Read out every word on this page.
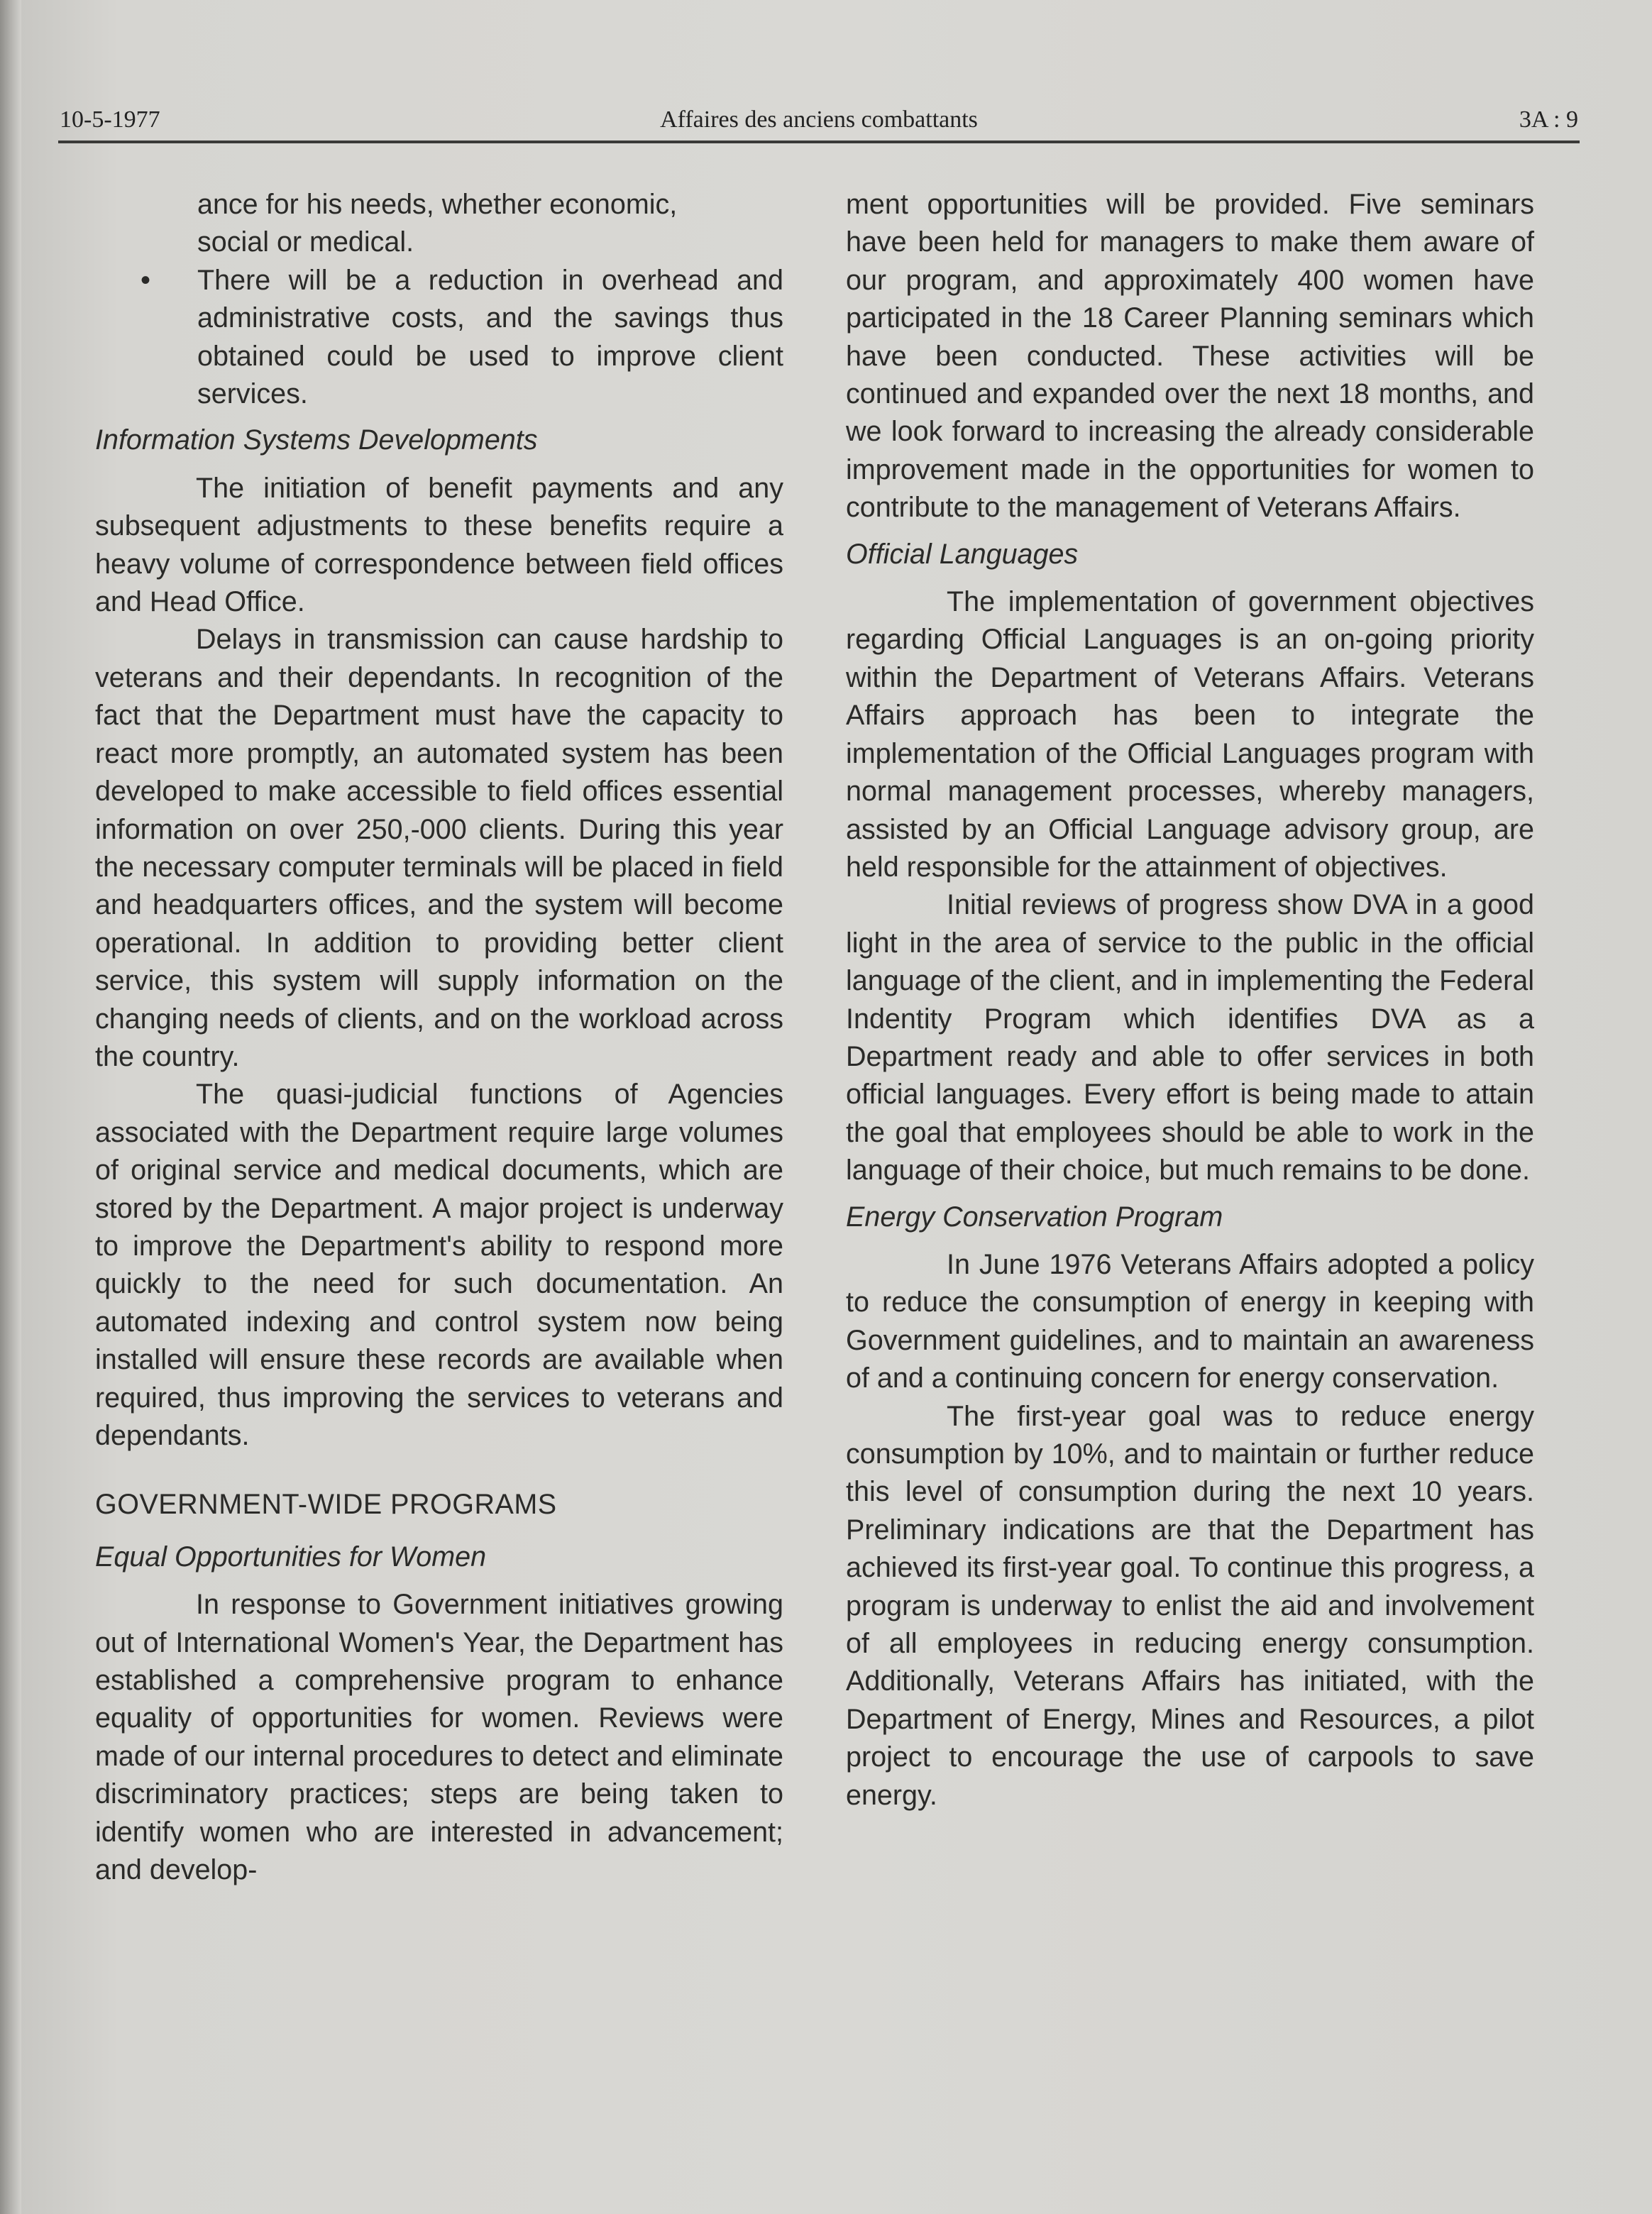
10-5-1977	Affaires des anciens combattants	3A : 9

ance for his needs, whether economic,

social or medical.

• There will be a reduction in overhead and administrative costs, and the savings thus obtained could be used to improve client services.

Information Systems Developments

The initiation of benefit payments and any subsequent adjustments to these benefits require a heavy volume of correspondence between field offices and Head Office.

Delays in transmission can cause hardship to veterans and their dependants. In recognition of the fact that the Department must have the capacity to react more promptly, an automated system has been developed to make accessible to field offices essential information on over 250,-000 clients. During this year the necessary computer terminals will be placed in field and headquarters offices, and the system will become operational. In addition to providing better client service, this system will supply information on the changing needs of clients, and on the workload across the country.

The quasi-judicial functions of Agencies associated with the Department require large volumes of original service and medical documents, which are stored by the Department. A major project is underway to improve the Department's ability to respond more quickly to the need for such documentation. An automated indexing and control system now being installed will ensure these records are available when required, thus improving the services to veterans and dependants.

GOVERNMENT-WIDE PROGRAMS

Equal Opportunities for Women

In response to Government initiatives growing out of International Women's Year, the Department has established a comprehensive program to enhance equality of opportunities for women. Reviews were made of our internal procedures to detect and eliminate discriminatory practices; steps are being taken to identify women who are interested in advancement; and develop-

ment opportunities will be provided. Five seminars have been held for managers to make them aware of our program, and approximately 400 women have participated in the 18 Career Planning seminars which have been conducted. These activities will be continued and expanded over the next 18 months, and we look forward to increasing the already considerable improvement made in the opportunities for women to contribute to the management of Veterans Affairs.

Official Languages

The implementation of government objectives regarding Official Languages is an on-going priority within the Department of Veterans Affairs. Veterans Affairs approach has been to integrate the implementation of the Official Languages program with normal management processes, whereby managers, assisted by an Official Language advisory group, are held responsible for the attainment of objectives.

Initial reviews of progress show DVA in a good light in the area of service to the public in the official language of the client, and in implementing the Federal Indentity Program which identifies DVA as a Department ready and able to offer services in both official languages. Every effort is being made to attain the goal that employees should be able to work in the language of their choice, but much remains to be done.

Energy Conservation Program

In June 1976 Veterans Affairs adopted a policy to reduce the consumption of energy in keeping with Government guidelines, and to maintain an awareness of and a continuing concern for energy conservation.

The first-year goal was to reduce energy consumption by 10%, and to maintain or further reduce this level of consumption during the next 10 years. Preliminary indications are that the Department has achieved its first-year goal. To continue this progress, a program is underway to enlist the aid and involvement of all employees in reducing energy consumption. Additionally, Veterans Affairs has initiated, with the Department of Energy, Mines and Resources, a pilot project to encourage the use of carpools to save energy.
